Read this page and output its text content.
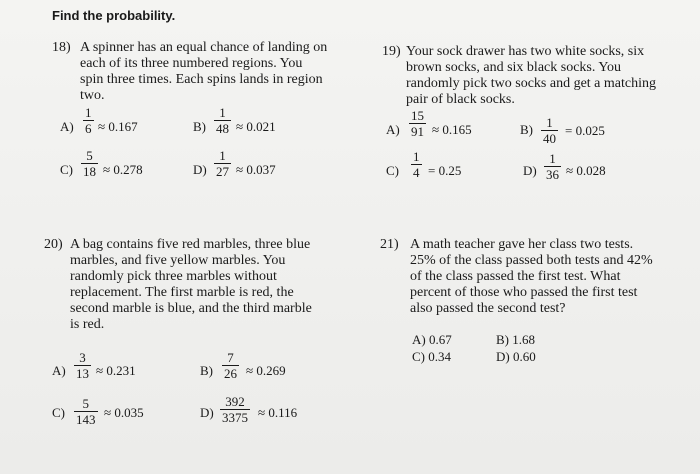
Find the probability.
18) A spinner has an equal chance of landing on
each of its three numbered regions. You
spin three times. Each spins lands in region
two.
A)
1
6 ≈ 0.167	B)
1
48 ≈ 0.021
C)
5
18 ≈ 0.278	D)
1
27 ≈ 0.037
19) Your sock drawer has two white socks, six
brown socks, and six black socks. You
randomly pick two socks and get a matching
pair of black socks.
A)
15
91 ≈ 0.165	B) 1
40
= 0.025
C)
1
4 = 0.25	D)
1
36 ≈ 0.028
20) A bag contains five red marbles, three blue
marbles, and five yellow marbles. You
randomly pick three marbles without
replacement. The first marble is red, the
second marble is blue, and the third marble
is red.
A)
3
13 ≈ 0.231	B)
7
26 ≈ 0.269
C)
5
143 ≈ 0.035	D)
392
3375 ≈ 0.116
21) A math teacher gave her class two tests.
25% of the class passed both tests and 42%
of the class passed the first test. What
percent of those who passed the first test
also passed the second test?
A) 0.67	B) 1.68
C) 0.34	D) 0.60
